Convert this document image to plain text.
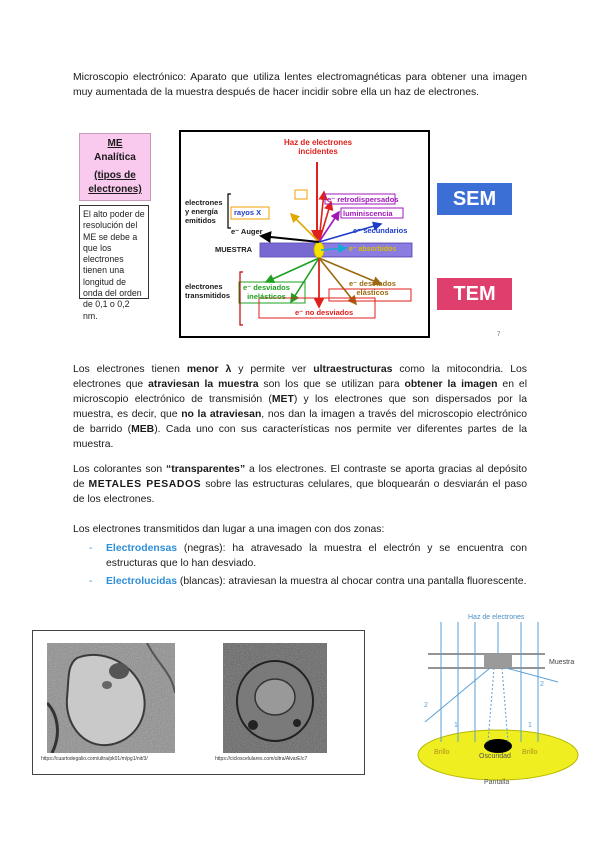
Microscopio electrónico: Aparato que utiliza lentes electromagnéticas para obtener una imagen muy aumentada de la muestra después de hacer incidir sobre ella un haz de electrones.
ME
Analítica
(tipos de
electrones)
El alto poder de resolución del ME se debe a que los electrones tienen una longitud de onda del orden de 0,1 o 0,2 nm.
Haz de electrones
incidentes
electrones
y energía
emitidos
rayos X
e⁻ retrodispersados
luminiscencia
e⁻ Auger	e⁻ secundarios
MUESTRA	e⁻ absorbidos
electrones
transmitidos
e⁻ desviados
inelásticos
e⁻ desviados
elásticos
e⁻ no desviados
SEM
TEM
7
Los electrones tienen menor λ y permite ver ultraestructuras como la mitocondria. Los electrones que atraviesan la muestra son los que se utilizan para obtener la imagen en el microscopio electrónico de transmisión (MET) y los electrones que son dispersados por la muestra, es decir, que no la atraviesan, nos dan la imagen a través del microscopio electrónico de barrido (MEB). Cada uno con sus características nos permite ver diferentes partes de la muestra.
Los colorantes son “transparentes” a los electrones. El contraste se aporta gracias al depósito de METALES PESADOS sobre las estructuras celulares, que bloquearán o desviarán el paso de los electrones.
Los electrones transmitidos dan lugar a una imagen con dos zonas:
- Electrodensas (negras): ha atravesado la muestra el electrón y se encuentra con estructuras que lo han desviado.
- Electrolucidas (blancas): atraviesan la muestra al chocar contra una pantalla fluorescente.
https://cuartodegalio.com/ultra/pk01/m/pg1/nit/3/	https://cicloscelulares.com/ultra/AlvarE/c7
Haz de electrones
Muestra
Brillo	Brillo
Oscuridad
Pantalla
1
2
1
2
